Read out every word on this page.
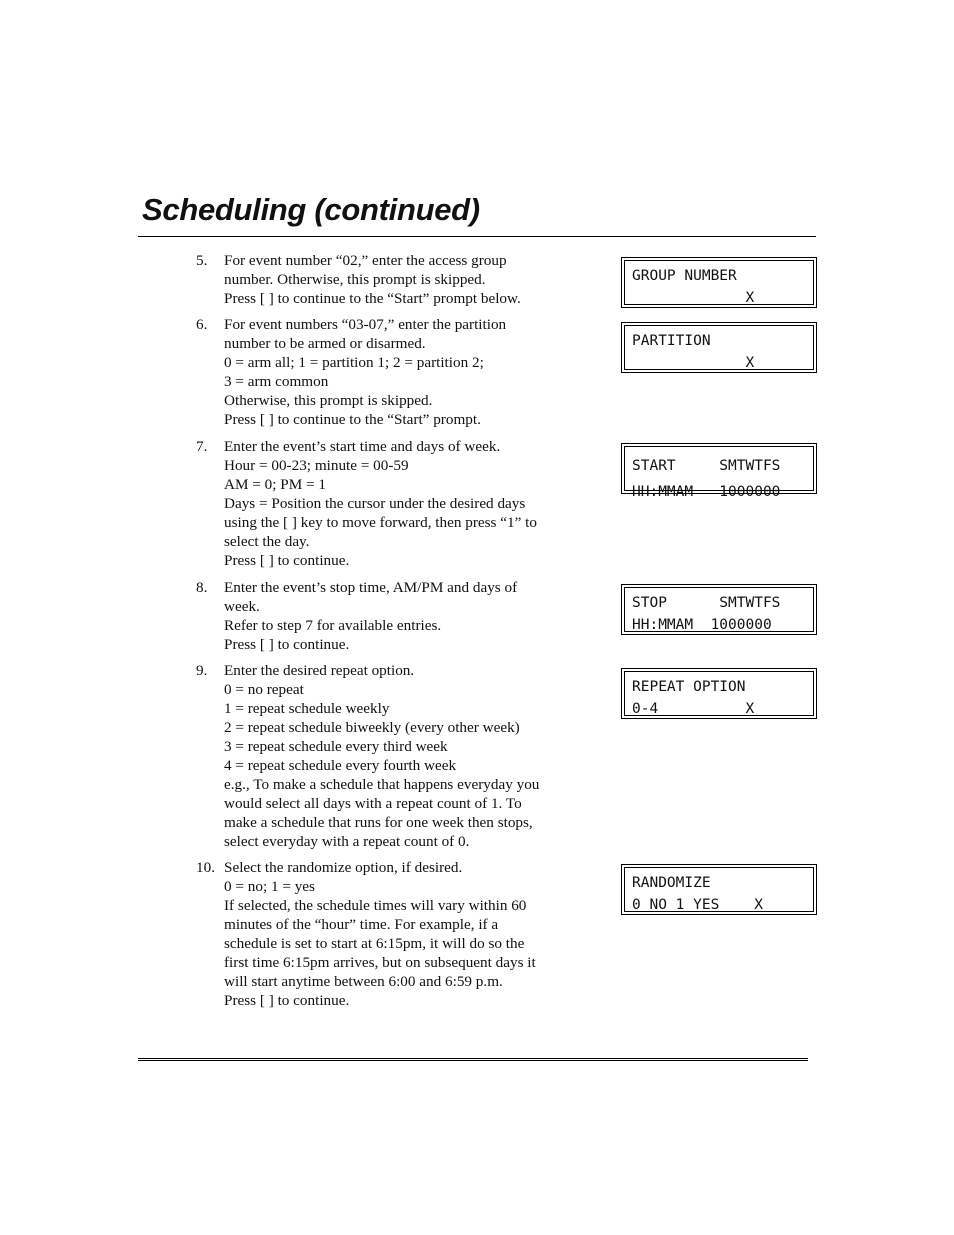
Scheduling (continued)
5. For event number “02,” enter the access group
number. Otherwise, this prompt is skipped.
Press [ ] to continue to the “Start” prompt below.
6. For event numbers “03-07,” enter the partition
number to be armed or disarmed.
0 = arm all; 1 = partition 1; 2 = partition 2;
3 = arm common
Otherwise, this prompt is skipped.
Press [ ] to continue to the “Start” prompt.
7. Enter the event’s start time and days of week.
Hour = 00-23; minute = 00-59
AM = 0; PM = 1
Days = Position the cursor under the desired days
using the [ ] key to move forward, then press “1” to
select the day.
Press [ ] to continue.
8. Enter the event’s stop time, AM/PM and days of
week.
Refer to step 7 for available entries.
Press [ ] to continue.
9. Enter the desired repeat option.
0 = no repeat
1 = repeat schedule weekly
2 = repeat schedule biweekly (every other week)
3 = repeat schedule every third week
4 = repeat schedule every fourth week
e.g., To make a schedule that happens everyday you
would select all days with a repeat count of 1. To
make a schedule that runs for one week then stops,
select everyday with a repeat count of 0.
10. Select the randomize option, if desired.
0 = no; 1 = yes
If selected, the schedule times will vary within 60
minutes of the “hour” time. For example, if a
schedule is set to start at 6:15pm, it will do so the
first time 6:15pm arrives, but on subsequent days it
will start anytime between 6:00 and 6:59 p.m.
Press [ ] to continue.
GROUP NUMBER
X
PARTITION
X
START     SMTWTFS
HH:MMAM   1000000
STOP      SMTWTFS
HH:MMAM  1000000
REPEAT OPTION
0-4          X
RANDOMIZE
0 NO 1 YES    X
